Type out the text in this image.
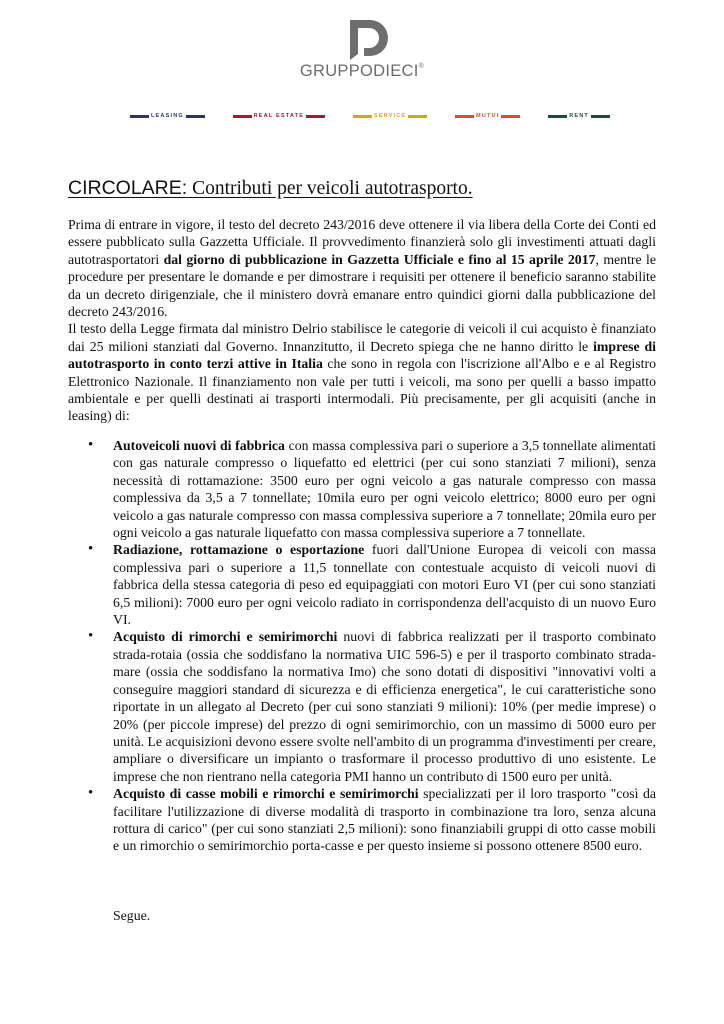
GRUPPODIECI®
LEASING	REAL ESTATE	SERVICE	MUTUI	RENT
CIRCOLARE: Contributi per veicoli autotrasporto.
Prima di entrare in vigore, il testo del decreto 243/2016 deve ottenere il via libera della Corte dei Conti ed essere pubblicato sulla Gazzetta Ufficiale. Il provvedimento finanzierà solo gli investimenti attuati dagli autotrasportatori dal giorno di pubblicazione in Gazzetta Ufficiale e fino al 15 aprile 2017, mentre le procedure per presentare le domande e per dimostrare i requisiti per ottenere il beneficio saranno stabilite da un decreto dirigenziale, che il ministero dovrà emanare entro quindici giorni dalla pubblicazione del decreto 243/2016.
Il testo della Legge firmata dal ministro Delrio stabilisce le categorie di veicoli il cui acquisto è finanziato dai 25 milioni stanziati dal Governo. Innanzitutto, il Decreto spiega che ne hanno diritto le imprese di autotrasporto in conto terzi attive in Italia che sono in regola con l'iscrizione all'Albo e e al Registro Elettronico Nazionale. Il finanziamento non vale per tutti i veicoli, ma sono per quelli a basso impatto ambientale e per quelli destinati ai trasporti intermodali. Più precisamente, per gli acquisiti (anche in leasing) di:
• Autoveicoli nuovi di fabbrica con massa complessiva pari o superiore a 3,5 tonnellate alimentati con gas naturale compresso o liquefatto ed elettrici (per cui sono stanziati 7 milioni), senza necessità di rottamazione: 3500 euro per ogni veicolo a gas naturale compresso con massa complessiva da 3,5 a 7 tonnellate; 10mila euro per ogni veicolo elettrico; 8000 euro per ogni veicolo a gas naturale compresso con massa complessiva superiore a 7 tonnellate; 20mila euro per ogni veicolo a gas naturale liquefatto con massa complessiva superiore a 7 tonnellate.
• Radiazione, rottamazione o esportazione fuori dall'Unione Europea di veicoli con massa complessiva pari o superiore a 11,5 tonnellate con contestuale acquisto di veicoli nuovi di fabbrica della stessa categoria di peso ed equipaggiati con motori Euro VI (per cui sono stanziati 6,5 milioni): 7000 euro per ogni veicolo radiato in corrispondenza dell'acquisto di un nuovo Euro VI.
• Acquisto di rimorchi e semirimorchi nuovi di fabbrica realizzati per il trasporto combinato strada-rotaia (ossia che soddisfano la normativa UIC 596-5) e per il trasporto combinato strada-mare (ossia che soddisfano la normativa Imo) che sono dotati di dispositivi "innovativi volti a conseguire maggiori standard di sicurezza e di efficienza energetica", le cui caratteristiche sono riportate in un allegato al Decreto (per cui sono stanziati 9 milioni): 10% (per medie imprese) o 20% (per piccole imprese) del prezzo di ogni semirimorchio, con un massimo di 5000 euro per unità. Le acquisizioni devono essere svolte nell'ambito di un programma d'investimenti per creare, ampliare o diversificare un impianto o trasformare il processo produttivo di uno esistente. Le imprese che non rientrano nella categoria PMI hanno un contributo di 1500 euro per unità.
• Acquisto di casse mobili e rimorchi e semirimorchi specializzati per il loro trasporto "così da facilitare l'utilizzazione di diverse modalità di trasporto in combinazione tra loro, senza alcuna rottura di carico" (per cui sono stanziati 2,5 milioni): sono finanziabili gruppi di otto casse mobili e un rimorchio o semirimorchio porta-casse e per questo insieme si possono ottenere 8500 euro.

Segue.
